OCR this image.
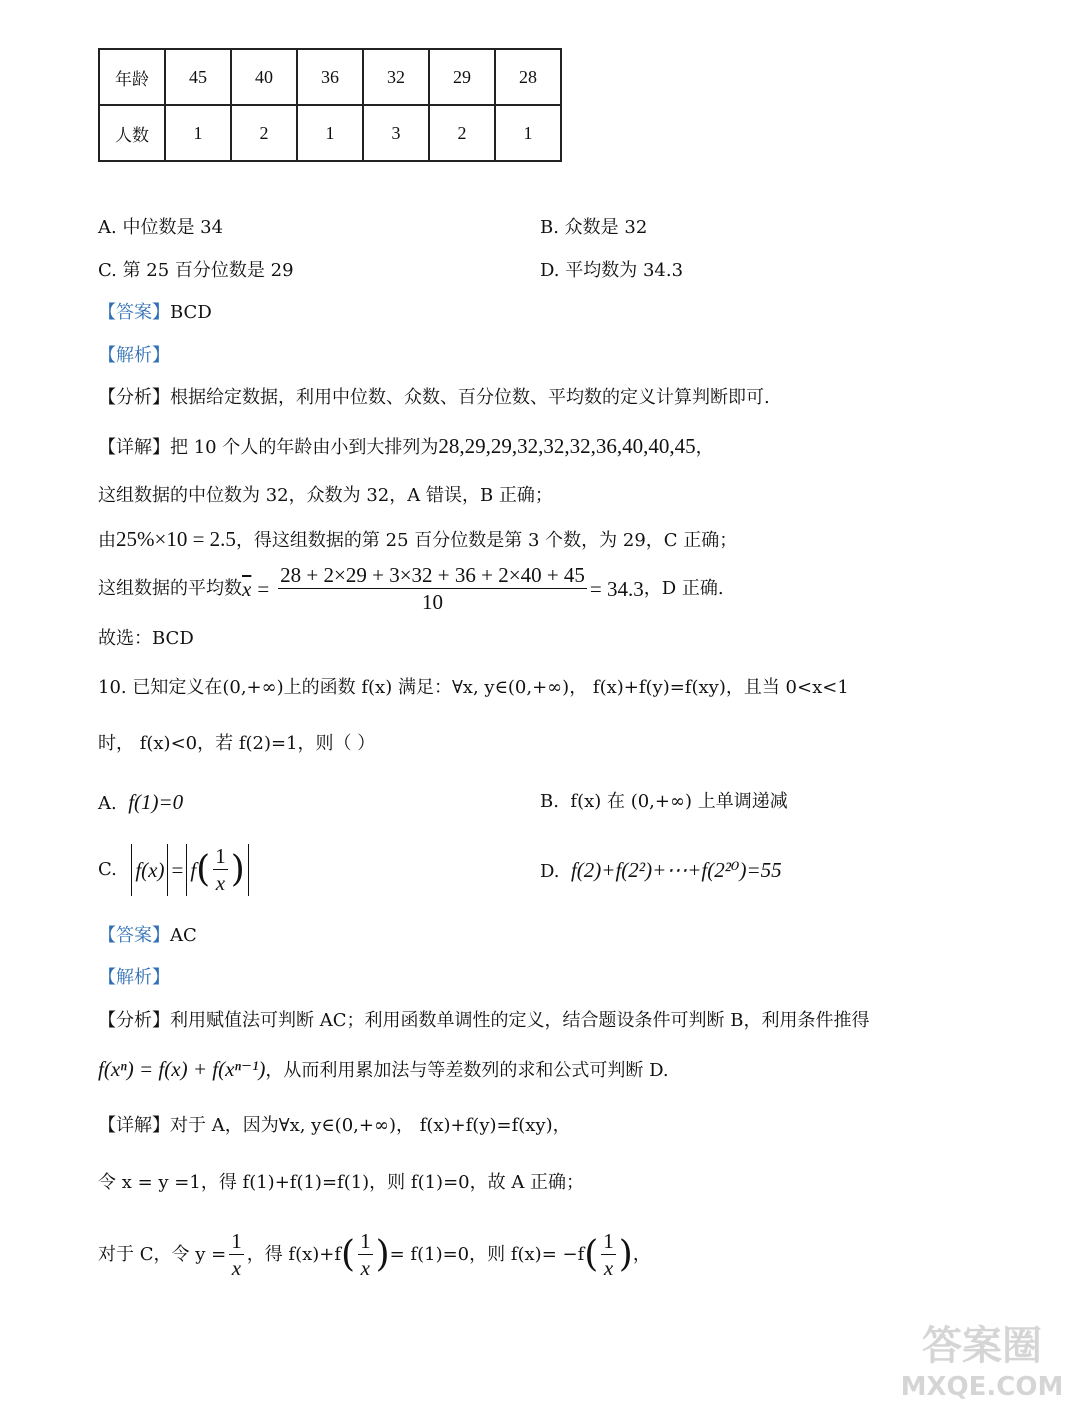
年龄	45	40	36	32	29	28
人数	1	2	1	3	2	1
A. 中位数是 34	B. 众数是 32
C. 第 25 百分位数是 29	D. 平均数为 34.3
【答案】BCD
【解析】
【分析】根据给定数据，利用中位数、众数、百分位数、平均数的定义计算判断即可.
【详解】把 10 个人的年龄由小到大排列为28,29,29,32,32,32,36,40,40,45，
这组数据的中位数为 32，众数为 32，A 错误，B 正确；
由25%×10 = 2.5，得这组数据的第 25 百分位数是第 3 个数，为 29，C 正确；
这组数据的平均数 $\overline{x} = \frac{28 + 2\times 29 + 3\times 32 + 36 + 2\times 40 + 45}{10} = 34.3$ ，D 正确.
故选：BCD
10. 已知定义在(0,+∞)上的函数 f(x) 满足：∀x, y∈(0,+∞)， f(x)+f(y)=f(xy)，且当 0<x<1
时， f(x)<0，若 f(2)=1，则（ ）
A. f(1)=0	B. f(x) 在 (0,+∞) 上单调递减
C.
f(x) = f ( $\frac{1}{x}$ )	D. f(2)+f(2²)+⋯+f(2²⁰)=55
【答案】AC
【解析】
【分析】利用赋值法可判断 AC；利用函数单调性的定义，结合题设条件可判断 B，利用条件推得
f(xⁿ) = f(x) + f(xⁿ⁻¹)，从而利用累加法与等差数列的求和公式可判断 D.
【详解】对于 A，因为∀x, y∈(0,+∞)， f(x)+f(y)=f(xy)，
令 x = y =1，得 f(1)+f(1)=f(1)，则 f(1)=0，故 A 正确；
对于 C，令 $y = \frac{1}{x}$ ，得 f(x)+f ( $\frac{1}{x}$ ) = f(1)=0，则 f(x)= −f ( $\frac{1}{x}$ ) ，
答案圈
MXQE.COM
